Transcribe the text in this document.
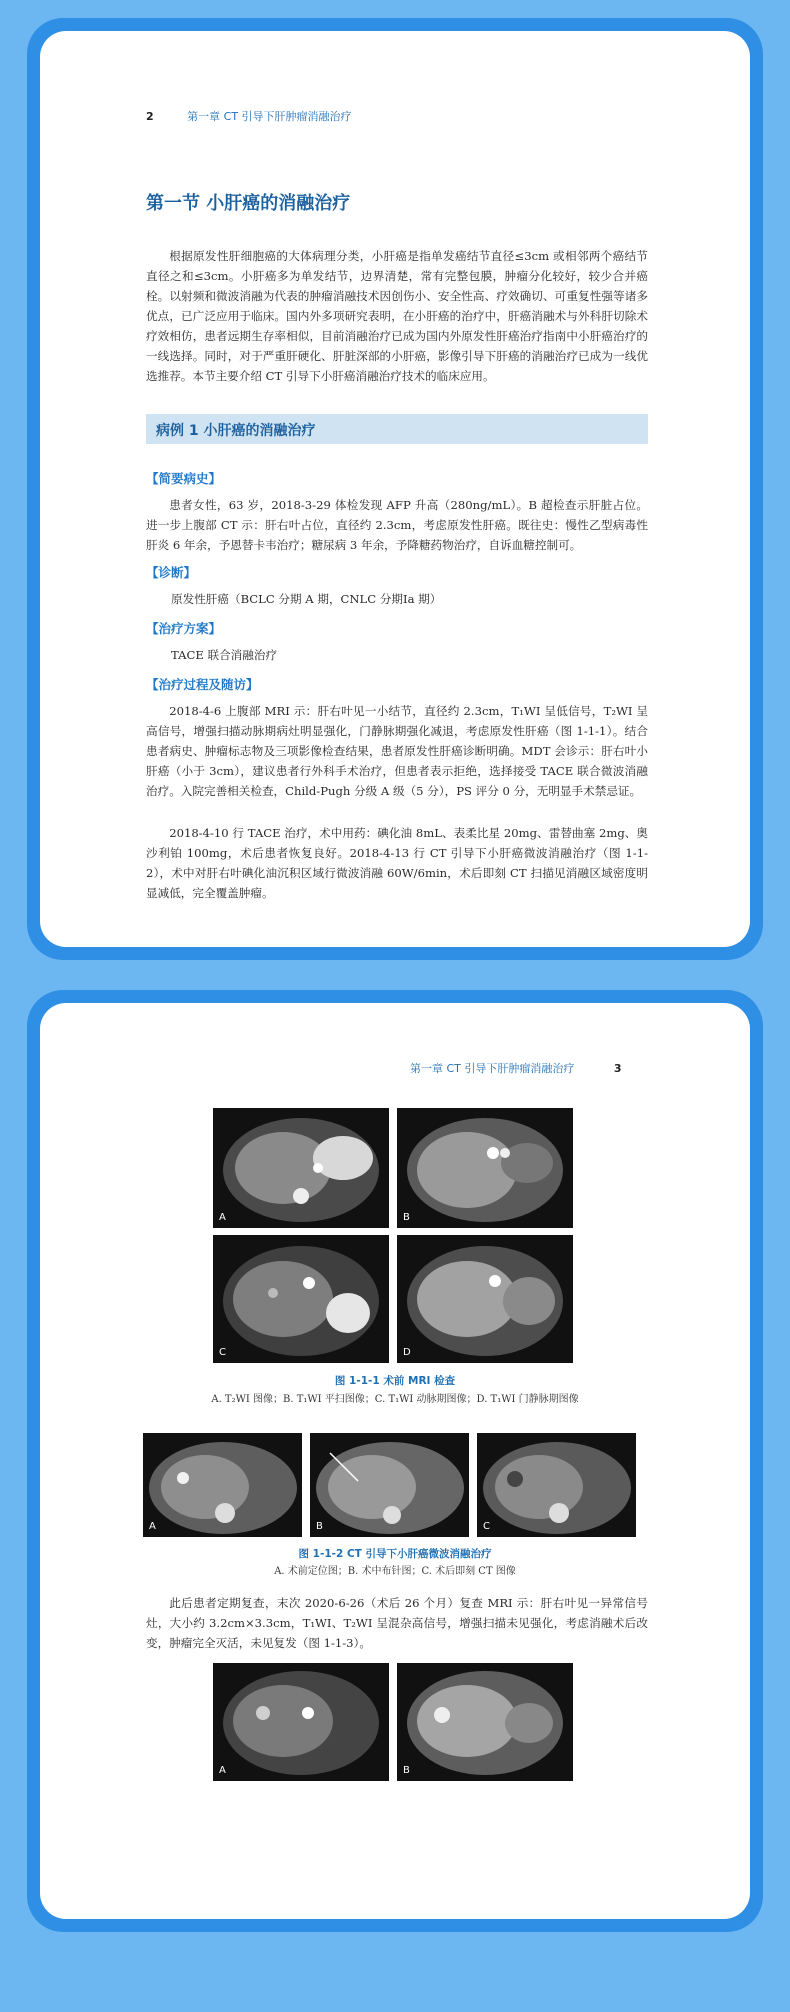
2	第一章 CT 引导下肝肿瘤消融治疗
第一节 小肝癌的消融治疗
根据原发性肝细胞癌的大体病理分类，小肝癌是指单发癌结节直径≤3cm 或相邻两个癌结节直径之和≤3cm。小肝癌多为单发结节，边界清楚，常有完整包膜，肿瘤分化较好，较少合并癌栓。以射频和微波消融为代表的肿瘤消融技术因创伤小、安全性高、疗效确切、可重复性强等诸多优点，已广泛应用于临床。国内外多项研究表明，在小肝癌的治疗中，肝癌消融术与外科肝切除术疗效相仿，患者远期生存率相似，目前消融治疗已成为国内外原发性肝癌治疗指南中小肝癌治疗的一线选择。同时，对于严重肝硬化、肝脏深部的小肝癌，影像引导下肝癌的消融治疗已成为一线优选推荐。本节主要介绍 CT 引导下小肝癌消融治疗技术的临床应用。
病例 1 小肝癌的消融治疗
【简要病史】
患者女性，63 岁，2018-3-29 体检发现 AFP 升高（280ng/mL）。B 超检查示肝脏占位。进一步上腹部 CT 示：肝右叶占位，直径约 2.3cm，考虑原发性肝癌。既往史：慢性乙型病毒性肝炎 6 年余，予恩替卡韦治疗；糖尿病 3 年余，予降糖药物治疗，自诉血糖控制可。
【诊断】
原发性肝癌（BCLC 分期 A 期，CNLC 分期Ⅰa 期）
【治疗方案】
TACE 联合消融治疗
【治疗过程及随访】
2018-4-6 上腹部 MRI 示：肝右叶见一小结节，直径约 2.3cm，T₁WI 呈低信号，T₂WI 呈高信号，增强扫描动脉期病灶明显强化，门静脉期强化减退，考虑原发性肝癌（图 1-1-1）。结合患者病史、肿瘤标志物及三项影像检查结果，患者原发性肝癌诊断明确。MDT 会诊示：肝右叶小肝癌（小于 3cm），建议患者行外科手术治疗，但患者表示拒绝，选择接受 TACE 联合微波消融治疗。入院完善相关检查，Child-Pugh 分级 A 级（5 分），PS 评分 0 分，无明显手术禁忌证。
2018-4-10 行 TACE 治疗，术中用药：碘化油 8mL、表柔比星 20mg、雷替曲塞 2mg、奥沙利铂 100mg，术后患者恢复良好。2018-4-13 行 CT 引导下小肝癌微波消融治疗（图 1-1-2），术中对肝右叶碘化油沉积区域行微波消融 60W/6min，术后即刻 CT 扫描见消融区域密度明显减低，完全覆盖肿瘤。
第一章 CT 引导下肝肿瘤消融治疗	3
A	B
C	D
图 1-1-1 术前 MRI 检查
A. T₂WI 图像；B. T₁WI 平扫图像；C. T₁WI 动脉期图像；D. T₁WI 门静脉期图像
A	B	C
图 1-1-2 CT 引导下小肝癌微波消融治疗
A. 术前定位图；B. 术中布针图；C. 术后即刻 CT 图像
此后患者定期复查，末次 2020-6-26（术后 26 个月）复查 MRI 示：肝右叶见一异常信号灶，大小约 3.2cm×3.3cm，T₁WI、T₂WI 呈混杂高信号，增强扫描未见强化，考虑消融术后改变，肿瘤完全灭活，未见复发（图 1-1-3）。
A	B
